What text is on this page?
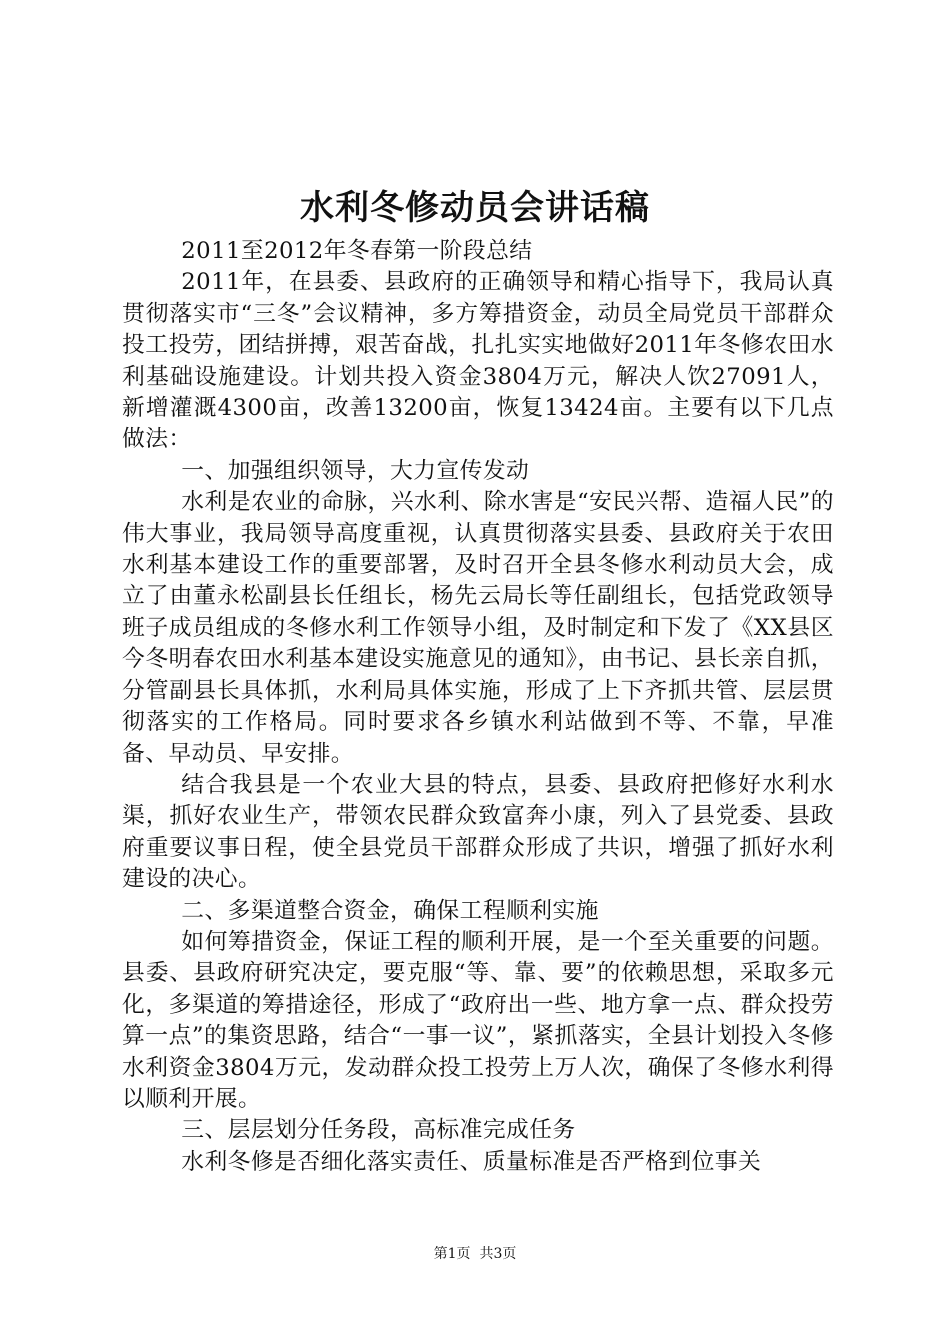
水利冬修动员会讲话稿

2011至2012年冬春第一阶段总结

2011年，在县委、县政府的正确领导和精心指导下，我局认真贯彻落实市“三冬”会议精神，多方筹措资金，动员全局党员干部群众投工投劳，团结拼搏，艰苦奋战，扎扎实实地做好2011年冬修农田水利基础设施建设。计划共投入资金3804万元，解决人饮27091人，新增灌溉4300亩，改善13200亩，恢复13424亩。主要有以下几点做法：

一、加强组织领导，大力宣传发动

水利是农业的命脉，兴水利、除水害是“安民兴帮、造福人民”的伟大事业，我局领导高度重视，认真贯彻落实县委、县政府关于农田水利基本建设工作的重要部署，及时召开全县冬修水利动员大会，成立了由董永松副县长任组长，杨先云局长等任副组长，包括党政领导班子成员组成的冬修水利工作领导小组，及时制定和下发了《XX县区今冬明春农田水利基本建设实施意见的通知》，由书记、县长亲自抓，分管副县长具体抓，水利局具体实施，形成了上下齐抓共管、层层贯彻落实的工作格局。同时要求各乡镇水利站做到不等、不靠，早准备、早动员、早安排。

结合我县是一个农业大县的特点，县委、县政府把修好水利水渠，抓好农业生产，带领农民群众致富奔小康，列入了县党委、县政府重要议事日程，使全县党员干部群众形成了共识，增强了抓好水利建设的决心。

二、多渠道整合资金，确保工程顺利实施

如何筹措资金，保证工程的顺利开展，是一个至关重要的问题。县委、县政府研究决定，要克服“等、靠、要”的依赖思想，采取多元化，多渠道的筹措途径，形成了“政府出一些、地方拿一点、群众投劳算一点”的集资思路，结合“一事一议”，紧抓落实，全县计划投入冬修水利资金3804万元，发动群众投工投劳上万人次，确保了冬修水利得以顺利开展。

三、层层划分任务段，高标准完成任务

水利冬修是否细化落实责任、质量标准是否严格到位事关

第1页 共3页
